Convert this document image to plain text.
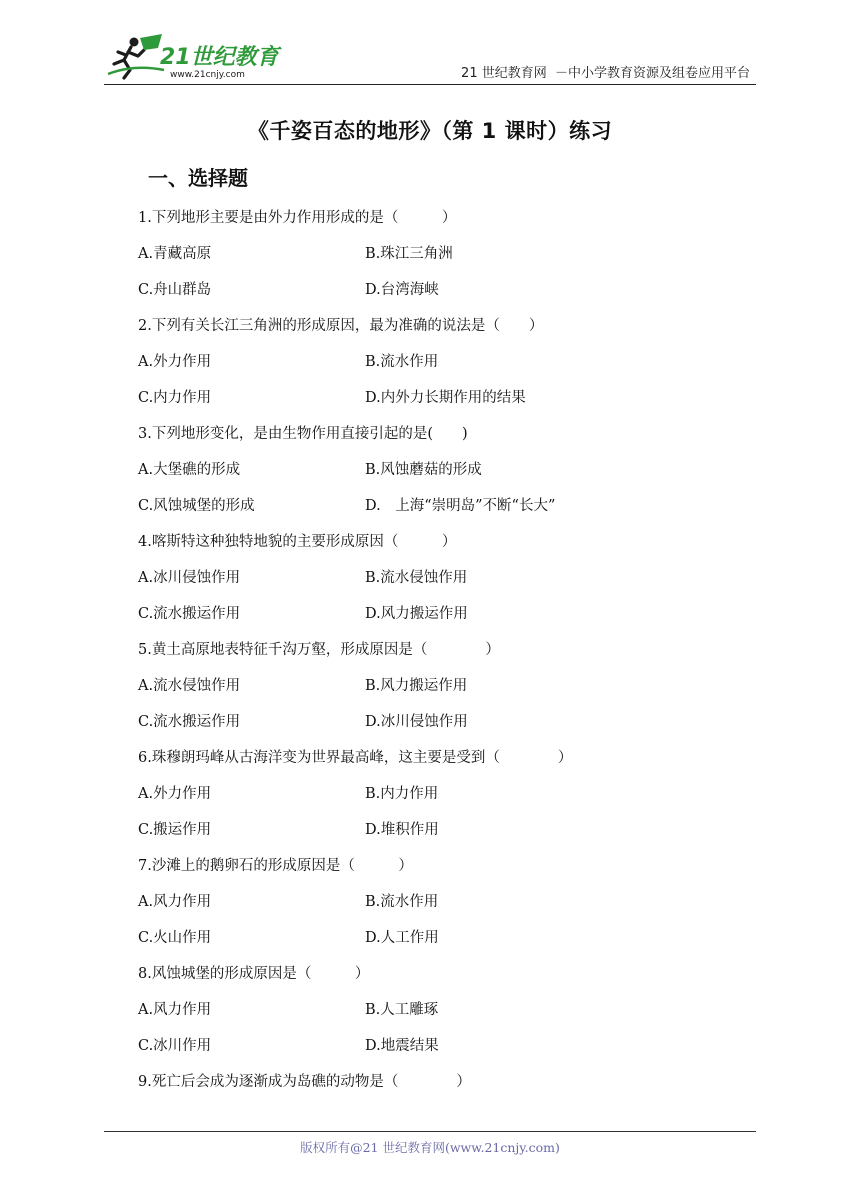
21世纪教育
www.21cnjy.com	21 世纪教育网  －中小学教育资源及组卷应用平台
《千姿百态的地形》（第 1 课时）练习
一、选择题
1.下列地形主要是由外力作用形成的是（　　　）
A.青藏高原	B.珠江三角洲
C.舟山群岛	D.台湾海峡
2.下列有关长江三角洲的形成原因，最为准确的说法是（　　）
A.外力作用	B.流水作用
C.内力作用	D.内外力长期作用的结果
3.下列地形变化，是由生物作用直接引起的是(　　)
A.大堡礁的形成	B.风蚀蘑菇的形成
C.风蚀城堡的形成	D.　上海“崇明岛”不断“长大”
4.喀斯特这种独特地貌的主要形成原因（　　　）
A.冰川侵蚀作用	B.流水侵蚀作用
C.流水搬运作用	D.风力搬运作用
5.黄土高原地表特征千沟万壑，形成原因是（　　　　）
A.流水侵蚀作用	B.风力搬运作用
C.流水搬运作用	D.冰川侵蚀作用
6.珠穆朗玛峰从古海洋变为世界最高峰，这主要是受到（　　　　）
A.外力作用	B.内力作用
C.搬运作用	D.堆积作用
7.沙滩上的鹅卵石的形成原因是（　　　）
A.风力作用	B.流水作用
C.火山作用	D.人工作用
8.风蚀城堡的形成原因是（　　　）
A.风力作用	B.人工雕琢
C.冰川作用	D.地震结果
9.死亡后会成为逐渐成为岛礁的动物是（　　　　）
版权所有@21 世纪教育网(www.21cnjy.com)
